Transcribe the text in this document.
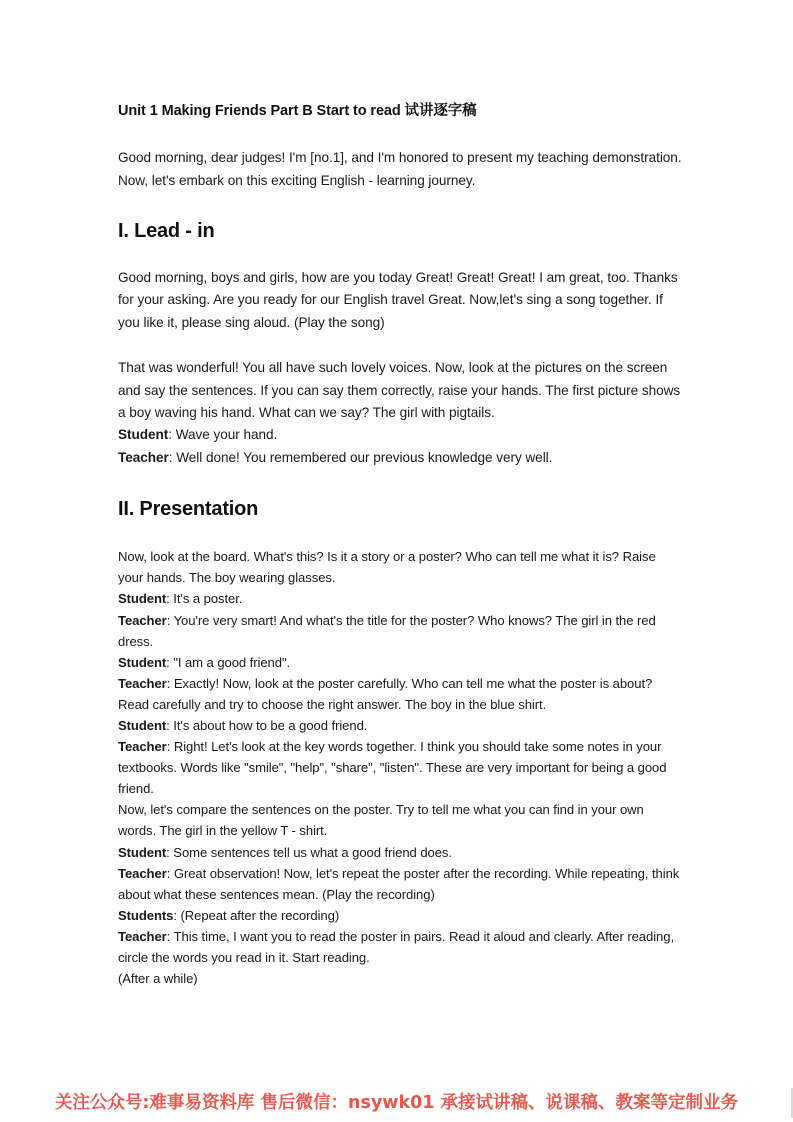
Unit 1 Making Friends Part B Start to read 试讲逐字稿
Good morning, dear judges! I'm [no.1], and I'm honored to present my teaching demonstration. Now, let's embark on this exciting English - learning journey.
I. Lead - in

Good morning, boys and girls, how are you today Great! Great! Great! I am great, too. Thanks for your asking. Are you ready for our English travel Great. Now,let's sing a song together. If you like it, please sing aloud. (Play the song)

That was wonderful! You all have such lovely voices. Now, look at the pictures on the screen and say the sentences. If you can say them correctly, raise your hands. The first picture shows a boy waving his hand. What can we say? The girl with pigtails.

Student: Wave your hand.

Teacher: Well done! You remembered our previous knowledge very well.

II. Presentation

Now, look at the board. What's this? Is it a story or a poster? Who can tell me what it is? Raise your hands. The boy wearing glasses.

Student: It's a poster.

Teacher: You're very smart! And what's the title for the poster? Who knows? The girl in the red dress.

Student: "I am a good friend".

Teacher: Exactly! Now, look at the poster carefully. Who can tell me what the poster is about? Read carefully and try to choose the right answer. The boy in the blue shirt.

Student: It's about how to be a good friend.

Teacher: Right! Let's look at the key words together. I think you should take some notes in your textbooks. Words like "smile", "help", "share", "listen". These are very important for being a good friend.

Now, let's compare the sentences on the poster. Try to tell me what you can find in your own words. The girl in the yellow T - shirt.

Student: Some sentences tell us what a good friend does.

Teacher: Great observation! Now, let's repeat the poster after the recording. While repeating, think about what these sentences mean. (Play the recording)

Students: (Repeat after the recording)

Teacher: This time, I want you to read the poster in pairs. Read it aloud and clearly. After reading, circle the words you read in it. Start reading.

(After a while)

关注公众号:难事易资料库 售后微信：nsywk01 承接试讲稿、说课稿、教案等定制业务
